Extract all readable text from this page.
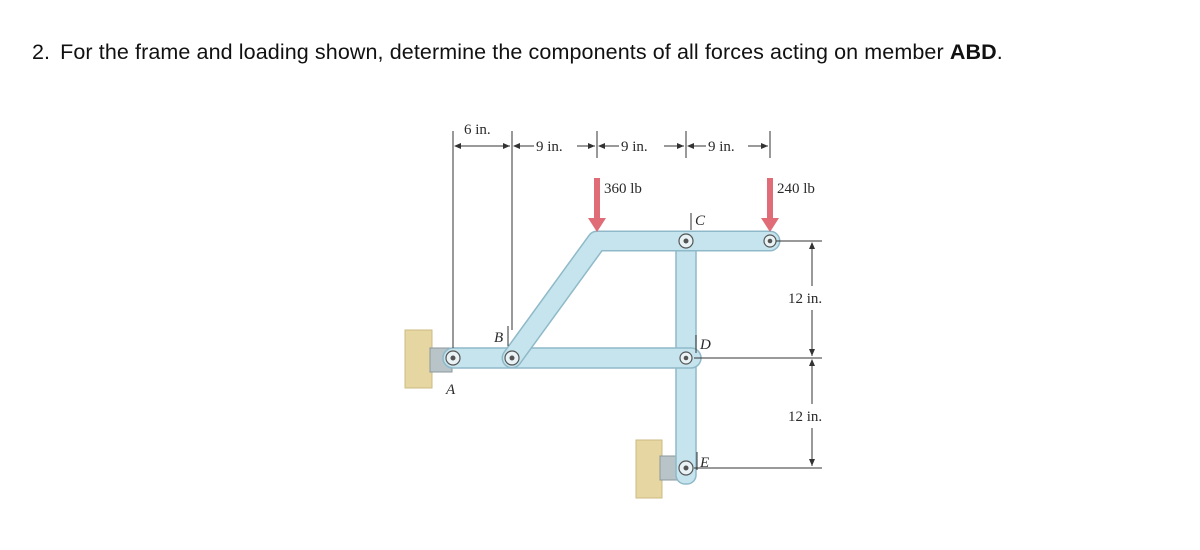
2. For the frame and loading shown, determine the components of all forces acting on member ABD.

6 in.
9 in.	9 in.	9 in.
12 in.
12 in.
360 lb	240 lb
A
B
C
D
E
